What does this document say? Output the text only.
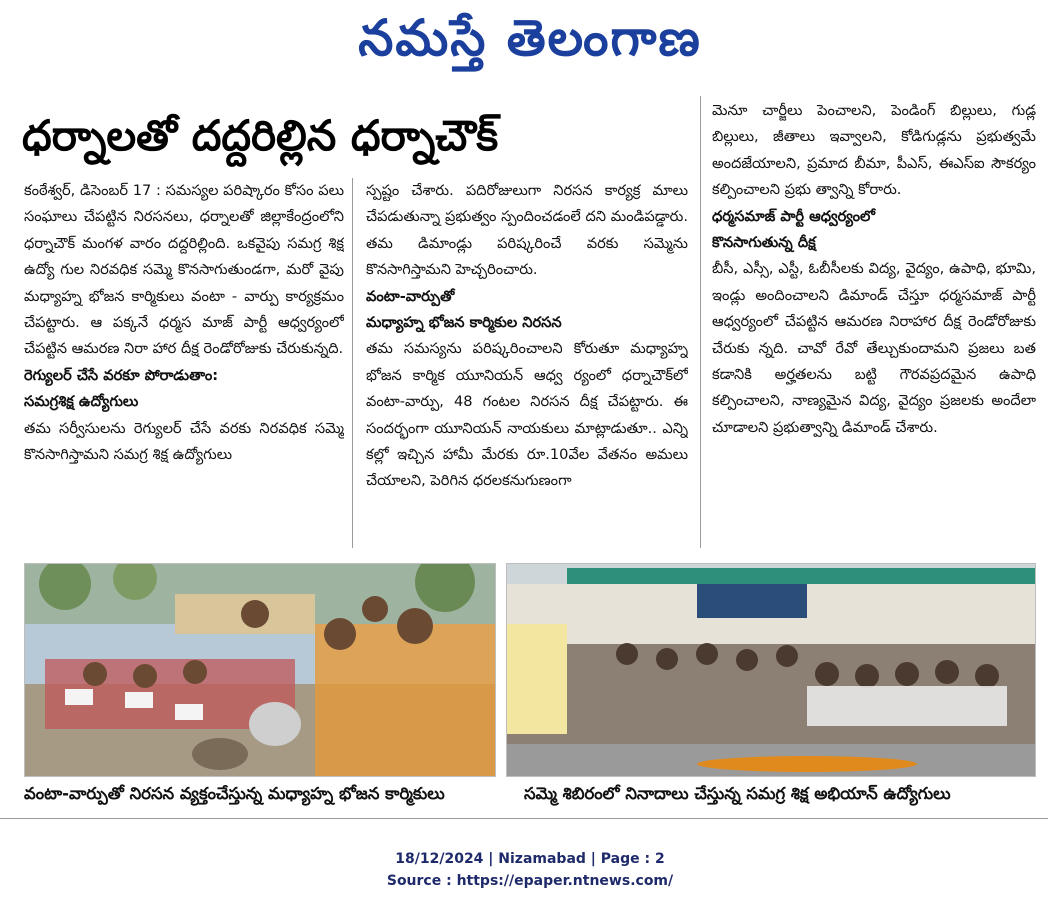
నమస్తే తెలంగాణ
ధర్నాలతో దద్దరిల్లిన ధర్నాచౌక్

కంఠేశ్వర్, డిసెంబర్ 17 : సమస్యల పరిష్కారం కోసం పలు సంఘాలు చేపట్టిన నిరసనలు, ధర్నాలతో జిల్లాకేంద్రంలోని ధర్నాచౌక్ మంగళ వారం దద్దరిల్లింది. ఒకవైపు సమగ్ర శిక్ష ఉద్యో గుల నిరవధిక సమ్మె కొనసాగుతుండగా, మరో వైపు మధ్యాహ్న భోజన కార్మికులు వంటా - వార్పు కార్యక్రమం చేపట్టారు. ఆ పక్కనే ధర్మస మాజ్ పార్టీ ఆధ్వర్యంలో చేపట్టిన ఆమరణ నిరా హార దీక్ష రెండోరోజుకు చేరుకున్నది.

రెగ్యులర్ చేసే వరకూ పోరాడుతాం:

సమగ్రశిక్ష ఉద్యోగులు

తమ సర్వీసులను రెగ్యులర్ చేసే వరకు నిరవధిక సమ్మె కొనసాగిస్తామని సమగ్ర శిక్ష ఉద్యోగులు

స్పష్టం చేశారు. పదిరోజులుగా నిరసన కార్యక్ర మాలు చేపడుతున్నా ప్రభుత్వం స్పందించడంలే దని మండిపడ్డారు. తమ డిమాండ్లు పరిష్కరించే వరకు సమ్మెను కొనసాగిస్తామని హెచ్చరించారు.

వంటా-వార్పుతో

మధ్యాహ్న భోజన కార్మికుల నిరసన

తమ సమస్యను పరిష్కరించాలని కోరుతూ మధ్యాహ్న భోజన కార్మిక యూనియన్ ఆధ్వ ర్యంలో ధర్నాచౌక్‌లో వంటా-వార్పు, 48 గంటల నిరసన దీక్ష చేపట్టారు. ఈ సందర్భంగా యూనియన్ నాయకులు మాట్లాడుతూ.. ఎన్ని కల్లో ఇచ్చిన హామీ మేరకు రూ.10వేల వేతనం అమలు చేయాలని, పెరిగిన ధరలకనుగుణంగా

మెనూ చార్జీలు పెంచాలని, పెండింగ్ బిల్లులు, గుడ్ల బిల్లులు, జీతాలు ఇవ్వాలని, కోడిగుడ్లను ప్రభుత్వమే అందజేయాలని, ప్రమాద బీమా, పీఎస్, ఈఎస్ఐ సౌకర్యం కల్పించాలని ప్రభు త్వాన్ని కోరారు.

ధర్మసమాజ్ పార్టీ ఆధ్వర్యంలో

కొనసాగుతున్న దీక్ష

బీసీ, ఎస్సీ, ఎస్టీ, ఓబీసీలకు విద్య, వైద్యం, ఉపాధి, భూమి, ఇండ్లు అందించాలని డిమాండ్ చేస్తూ ధర్మసమాజ్ పార్టీ ఆధ్వర్యంలో చేపట్టిన ఆమరణ నిరాహార దీక్ష రెండోరోజుకు చేరుకు న్నది. చావో రేవో తేల్చుకుందామని ప్రజలు బత కడానికి అర్హతలను బట్టి గౌరవప్రదమైన ఉపాధి కల్పించాలని, నాణ్యమైన విద్య, వైద్యం ప్రజలకు అందేలా చూడాలని ప్రభుత్వాన్ని డిమాండ్ చేశారు.

వంటా-వార్పుతో నిరసన వ్యక్తంచేస్తున్న మధ్యాహ్న భోజన కార్మికులు	సమ్మె శిబిరంలో నినాదాలు చేస్తున్న సమగ్ర శిక్ష అభియాన్ ఉద్యోగులు
18/12/2024 | Nizamabad | Page : 2
Source : https://epaper.ntnews.com/
